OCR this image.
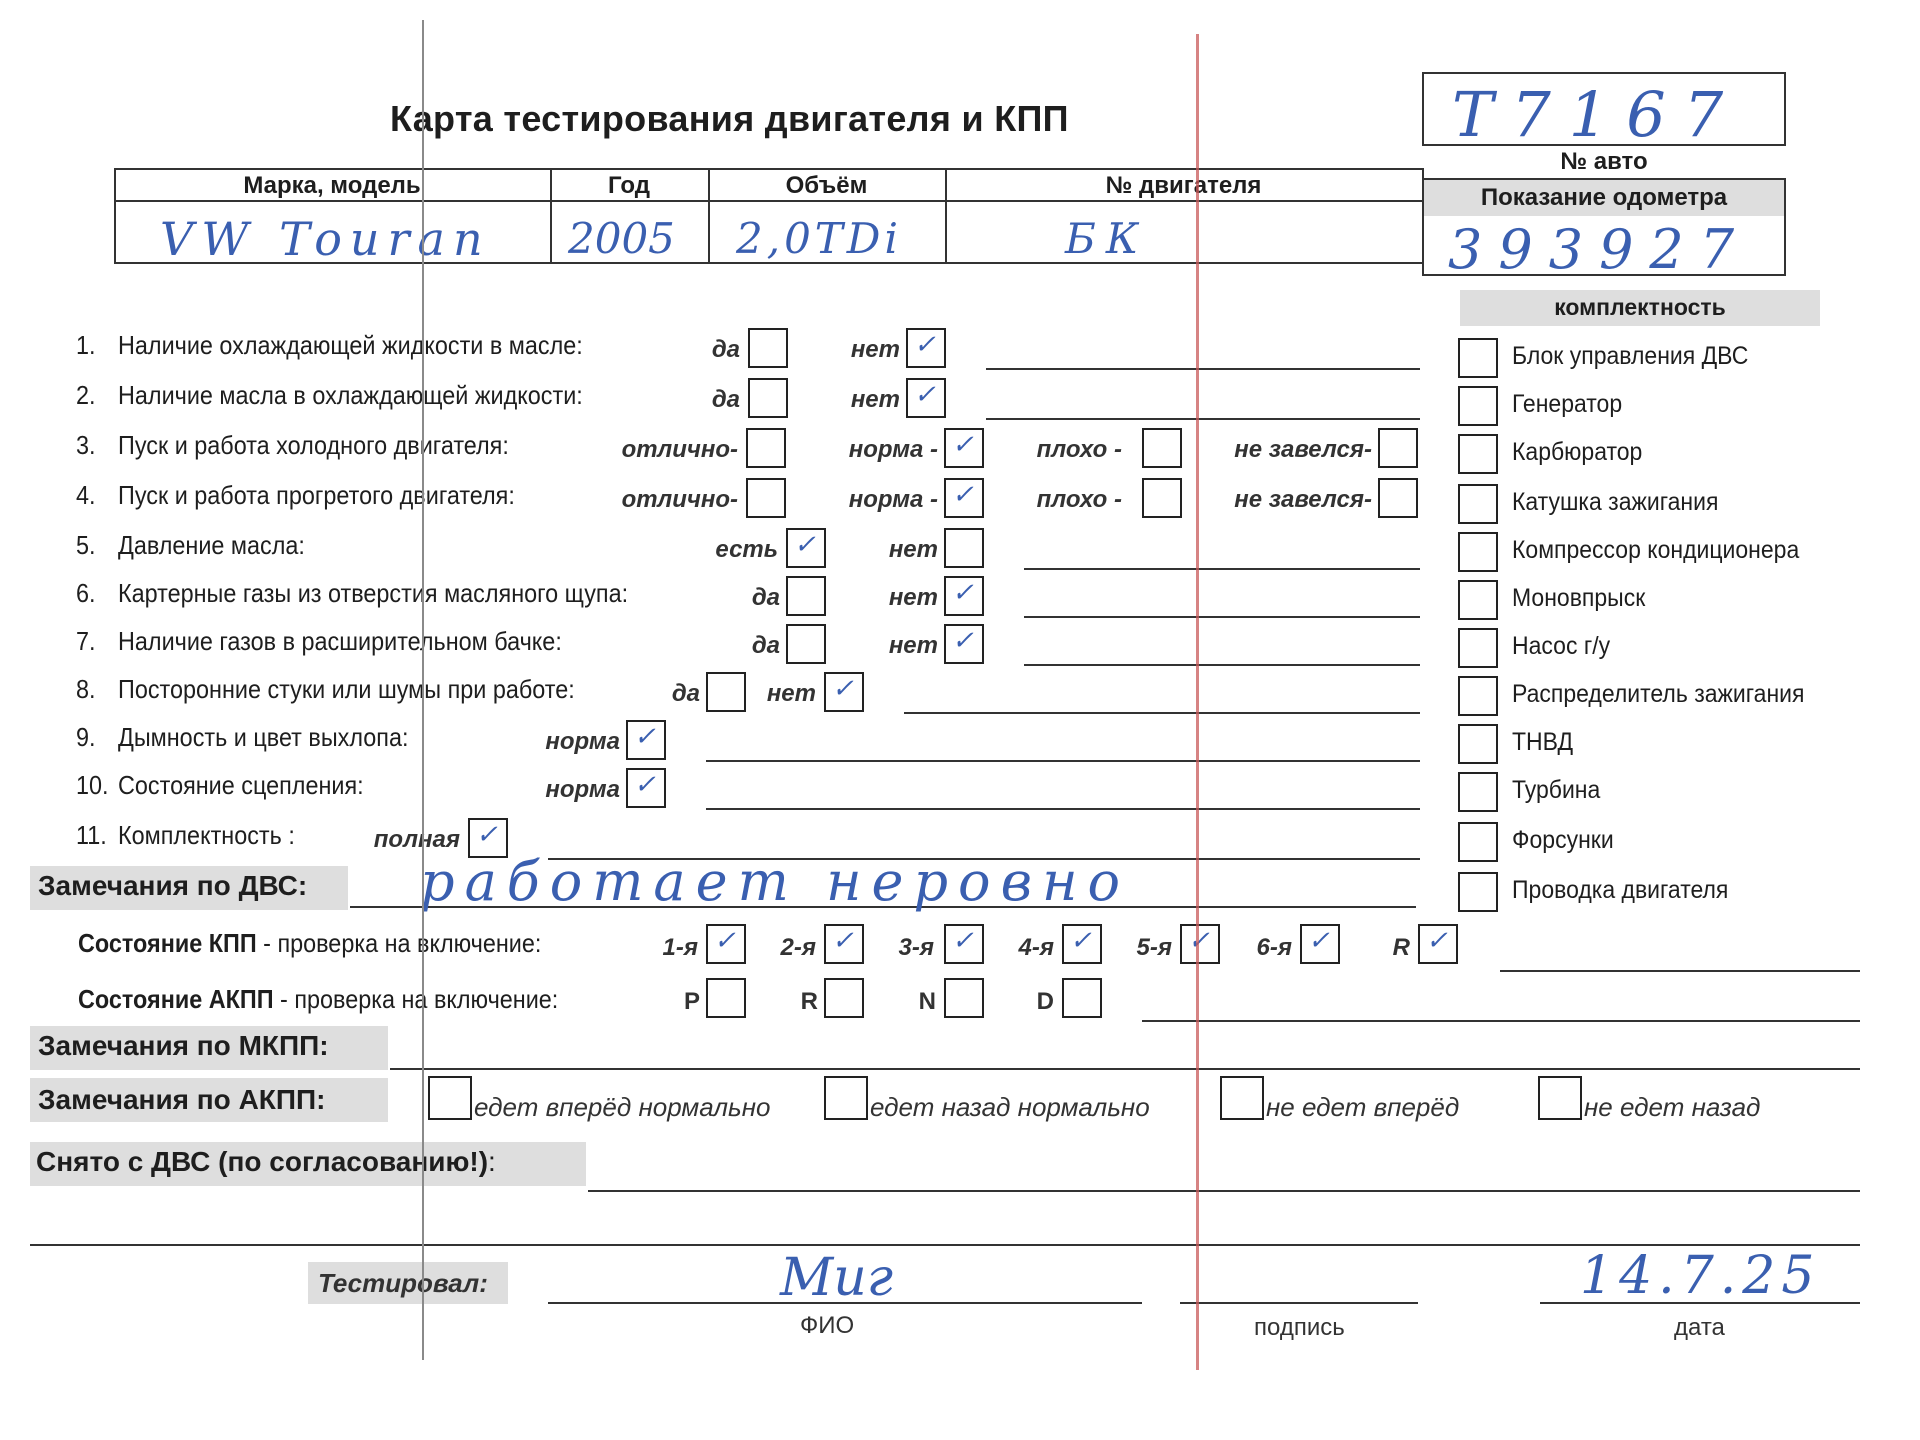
Карта тестирования двигателя и КПП	T7167
№ авто
Показание одометра
393927
Марка, модель	Год	Объём	№ двигателя
VW Touran 2005 2,0TDi	БК
комплектность
Блок управления ДВС
Генератор
Карбюратор
Катушка зажигания
Компрессор кондиционера
Моновпрыск
Насос г/у
Распределитель зажигания
ТНВД
Турбина
Форсунки
Проводка двигателя
1. Наличие охлаждающей жидкости в масле:	да	нет ✓
2. Наличие масла в охлаждающей жидкости:	да	нет ✓
3. Пуск и работа холодного двигателя:	отлично-	норма - ✓	плохо -	не завелся-
4. Пуск и работа прогретого двигателя:	отлично-	норма - ✓	плохо -	не завелся-
5. Давление масла:	есть ✓	нет
6. Картерные газы из отверстия масляного щупа:	да	нет ✓
7. Наличие газов в расширительном бачке:	да	нет ✓
8. Посторонние стуки или шумы при работе:	да	нет ✓
9. Дымность и цвет выхлопа:	норма ✓
10. Состояние сцепления:	норма ✓
11. Комплектность :	полная ✓
Замечания по ДВС: работает неровно
Состояние КПП - проверка на включение:	1-я ✓ 2-я ✓ 3-я ✓ 4-я ✓ 5-я ✓ 6-я ✓	R ✓
Состояние АКПП - проверка на включение:	P	R	N	D
Замечания по МКПП:
Замечания по АКПП:	едет вперёд нормально	едет назад нормально	не едет вперёд	не едет назад
Снято с ДВС (по согласованию!):
Тестировал:	Миг	14.7.25
ФИО	подпись	дата
